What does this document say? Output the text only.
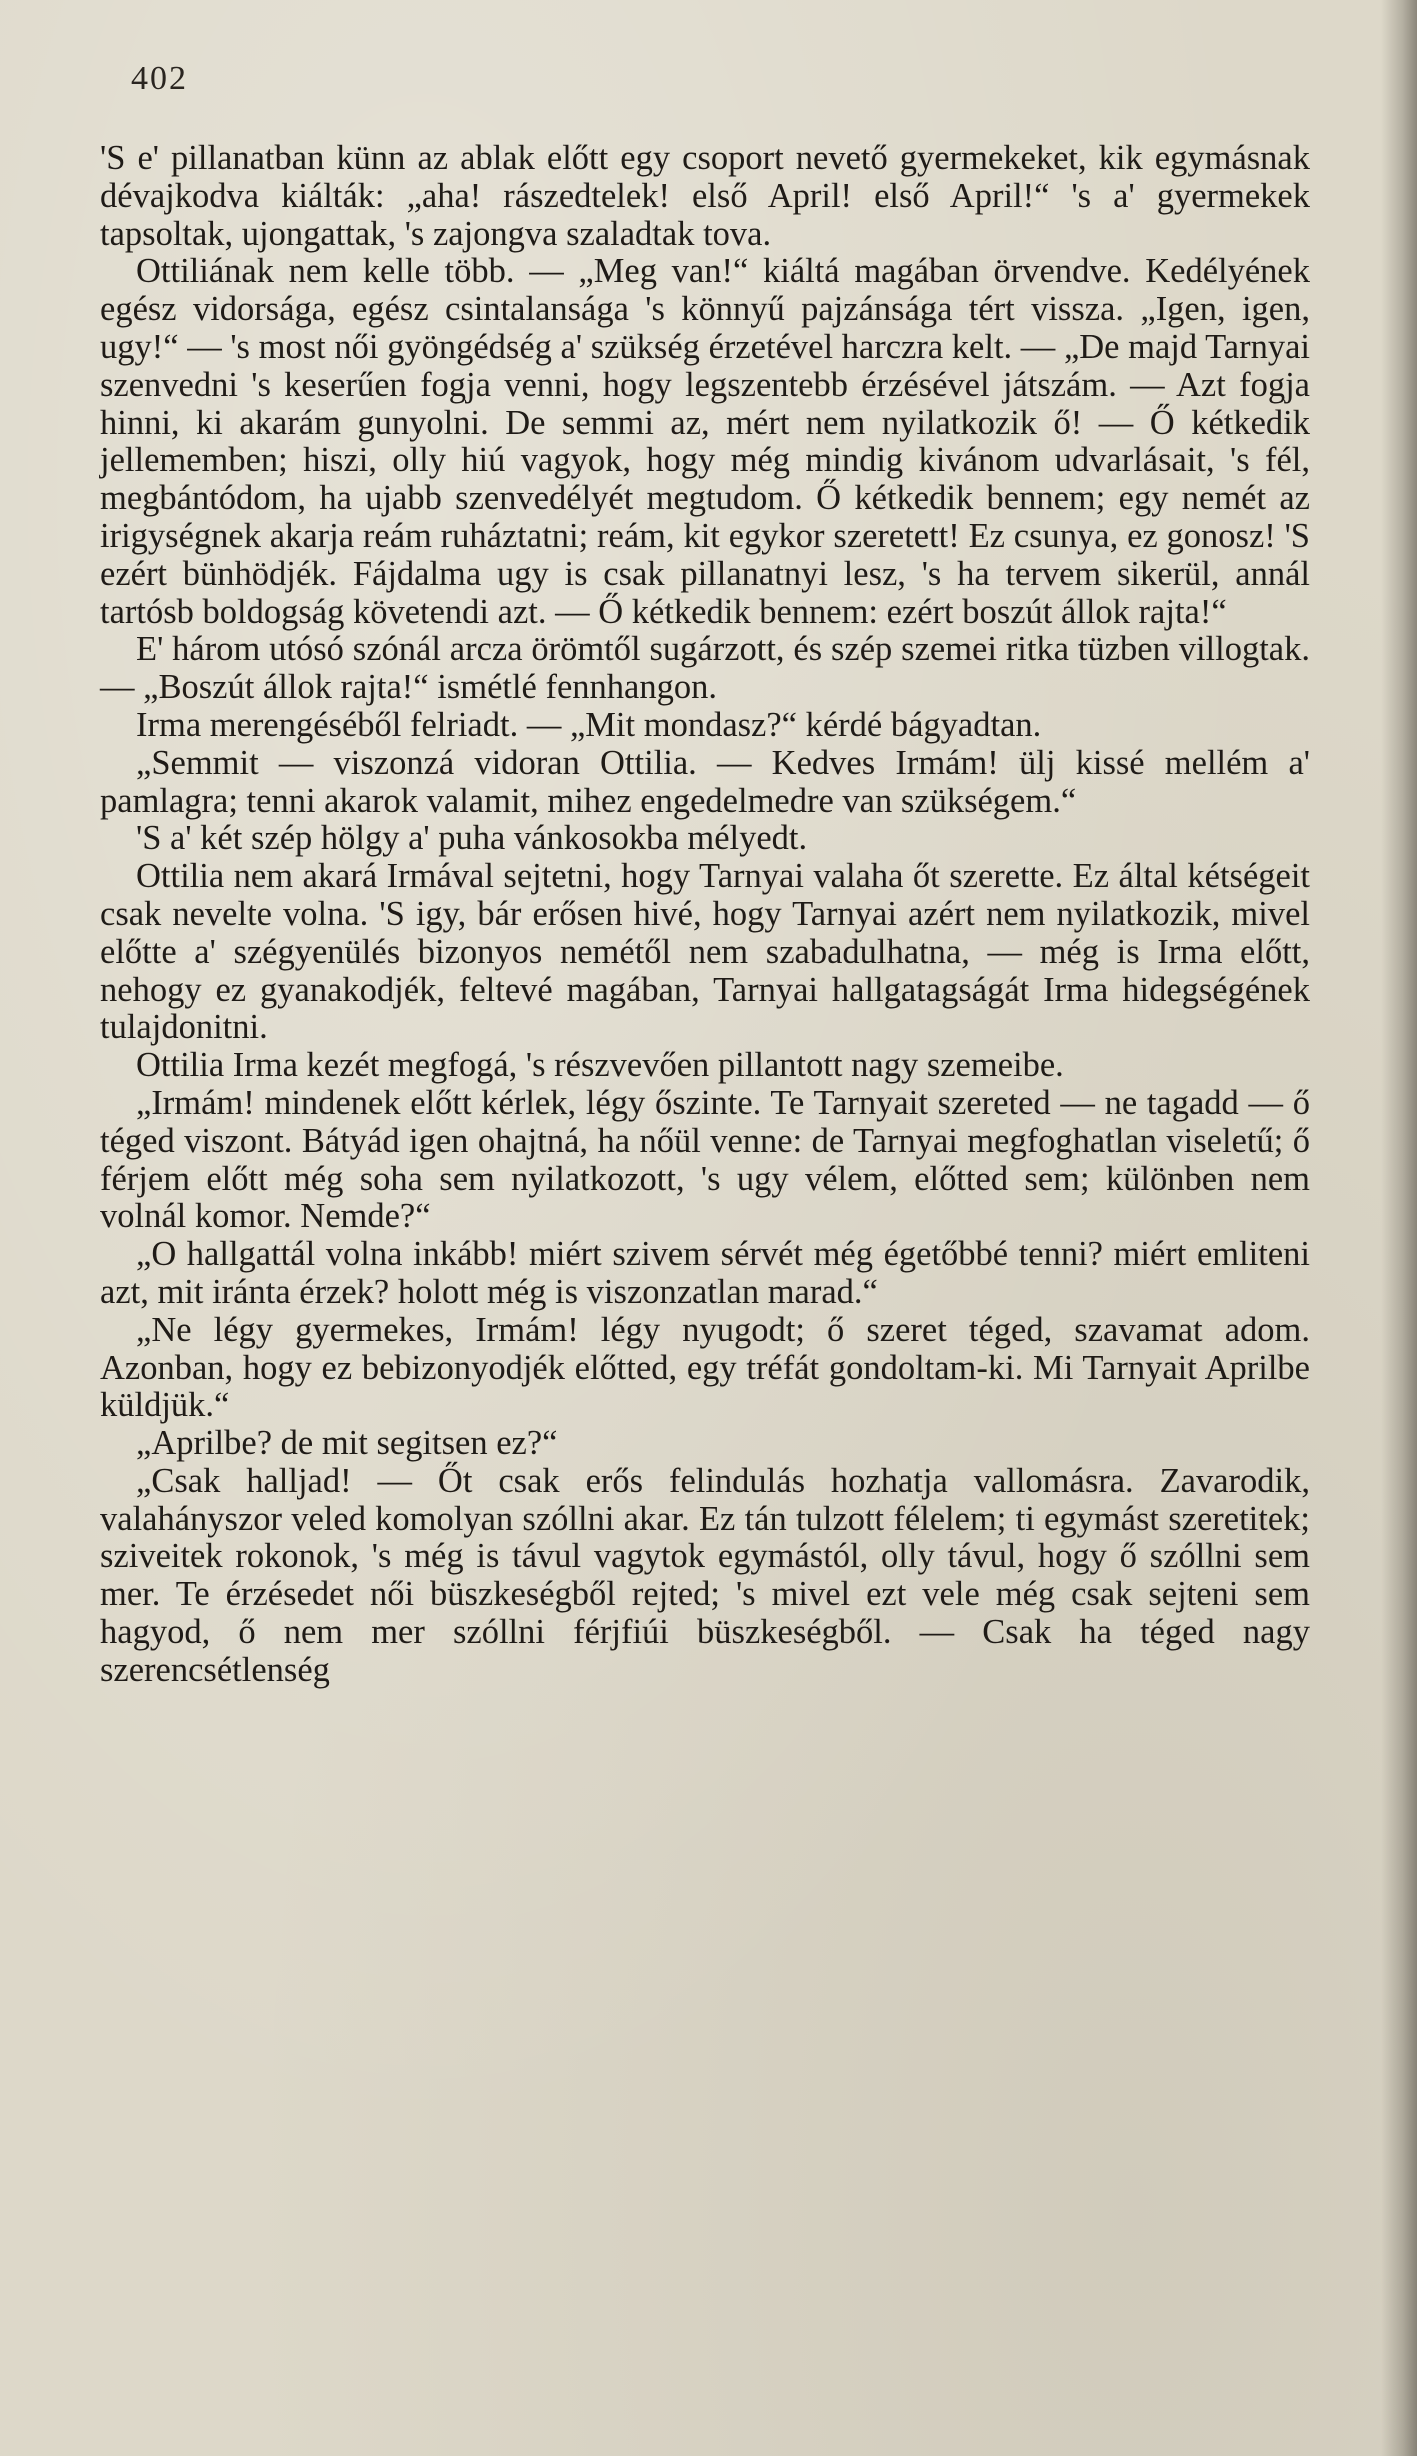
402

'S e' pillanatban künn az ablak előtt egy csoport nevető gyermekeket, kik egymásnak dévajkodva kiálták: „aha! rászedtelek! első April! első April!“ 's a' gyermekek tapsoltak, ujongattak, 's zajongva szaladtak tova.

Ottiliának nem kelle több. — „Meg van!“ kiáltá magában örvendve. Kedélyének egész vidorsága, egész csintalansága 's könnyű pajzánsága tért vissza. „Igen, igen, ugy!“ — 's most női gyöngédség a' szükség érzetével harczra kelt. — „De majd Tarnyai szenvedni 's keserűen fogja venni, hogy legszentebb érzésével játszám. — Azt fogja hinni, ki akarám gunyolni. De semmi az, mért nem nyilatkozik ő! — Ő kétkedik jellememben; hiszi, olly hiú vagyok, hogy még mindig kivánom udvarlásait, 's fél, megbántódom, ha ujabb szenvedélyét megtudom. Ő kétkedik bennem; egy nemét az irigységnek akarja reám ruháztatni; reám, kit egykor szeretett! Ez csunya, ez gonosz! 'S ezért bünhödjék. Fájdalma ugy is csak pillanatnyi lesz, 's ha tervem sikerül, annál tartósb boldogság követendi azt. — Ő kétkedik bennem: ezért boszút állok rajta!“

E' három utósó szónál arcza örömtől sugárzott, és szép szemei ritka tüzben villogtak. — „Boszút állok rajta!“ ismétlé fennhangon.

Irma merengéséből felriadt. — „Mit mondasz?“ kérdé bágyadtan.

„Semmit — viszonzá vidoran Ottilia. — Kedves Irmám! ülj kissé mellém a' pamlagra; tenni akarok valamit, mihez engedelmedre van szükségem.“

'S a' két szép hölgy a' puha vánkosokba mélyedt.

Ottilia nem akará Irmával sejtetni, hogy Tarnyai valaha őt szerette. Ez által kétségeit csak nevelte volna. 'S igy, bár erősen hivé, hogy Tarnyai azért nem nyilatkozik, mivel előtte a' szégyenülés bizonyos nemétől nem szabadulhatna, — még is Irma előtt, nehogy ez gyanakodjék, feltevé magában, Tarnyai hallgatagságát Irma hidegségének tulajdonitni.

Ottilia Irma kezét megfogá, 's részvevően pillantott nagy szemeibe.

„Irmám! mindenek előtt kérlek, légy őszinte. Te Tarnyait szereted — ne tagadd — ő téged viszont. Bátyád igen ohajtná, ha nőül venne: de Tarnyai megfoghatlan viseletű; ő férjem előtt még soha sem nyilatkozott, 's ugy vélem, előtted sem; különben nem volnál komor. Nemde?“

„O hallgattál volna inkább! miért szivem sérvét még égetőbbé tenni? miért emliteni azt, mit iránta érzek? holott még is viszonzatlan marad.“

„Ne légy gyermekes, Irmám! légy nyugodt; ő szeret téged, szavamat adom. Azonban, hogy ez bebizonyodjék előtted, egy tréfát gondoltam-ki. Mi Tarnyait Aprilbe küldjük.“

„Aprilbe? de mit segitsen ez?“

„Csak halljad! — Őt csak erős felindulás hozhatja vallomásra. Zavarodik, valahányszor veled komolyan szóllni akar. Ez tán tulzott félelem; ti egymást szeretitek; sziveitek rokonok, 's még is távul vagytok egymástól, olly távul, hogy ő szóllni sem mer. Te érzésedet női büszkeségből rejted; 's mivel ezt vele még csak sejteni sem hagyod, ő nem mer szóllni férjfiúi büszkeségből. — Csak ha téged nagy szerencsétlenség
